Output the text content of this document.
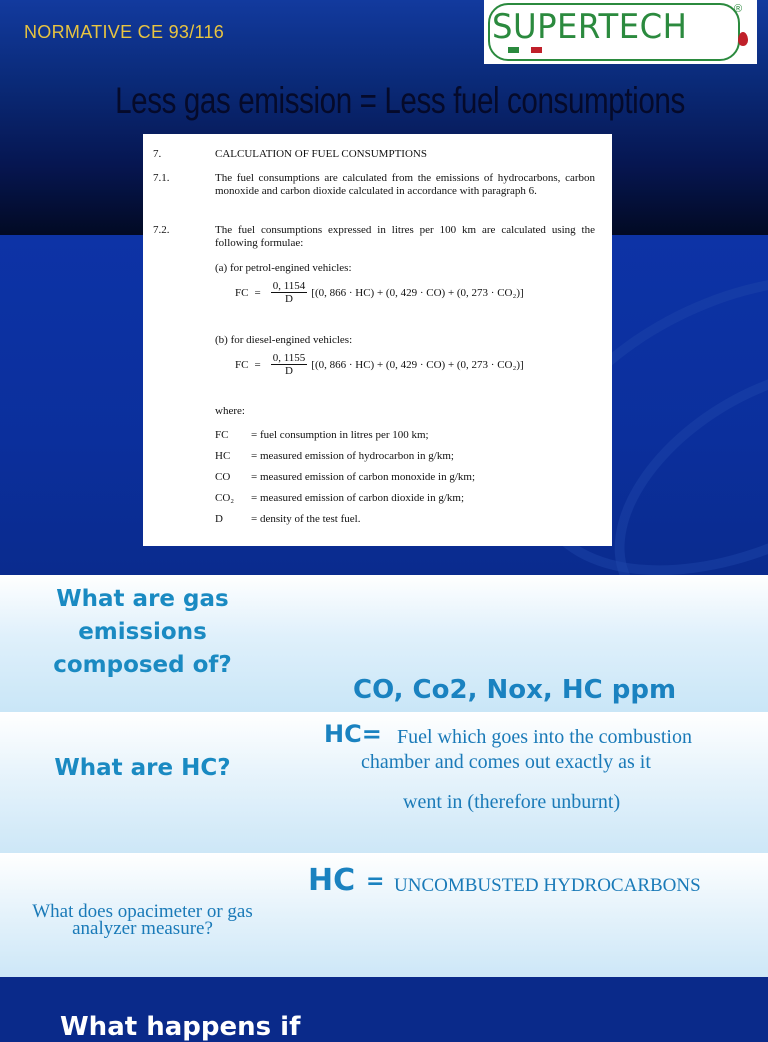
NORMATIVE CE 93/116	SUPERTECH	®
Less gas emission = Less fuel consumptions
7.	CALCULATION OF FUEL CONSUMPTIONS
7.1.	The fuel consumptions are calculated from the emissions of hydrocarbons, carbon monoxide and carbon dioxide calculated in accordance with paragraph 6.
7.2.	The fuel consumptions expressed in litres per 100 km are calculated using the following formulae:
(a) for petrol-engined vehicles:
FC = $\frac{0, 1154}{D} [(0$, 866 · HC) + (0, 429 · CO) + (0, 273 · CO₂)]
(b) for diesel-engined vehicles:
FC = $\frac{0, 1155}{D} [(0$, 866 · HC) + (0, 429 · CO) + (0, 273 · CO₂)]
where:
FC = fuel consumption in litres per 100 km;
HC = measured emission of hydrocarbon in g/km;
CO = measured emission of carbon monoxide in g/km;
CO₂ = measured emission of carbon dioxide in g/km;
D	= density of the test fuel.
What are gas emissions composed of?
CO, Co2, Nox, HC ppm
What are HC?
HC= Fuel which goes into the combustion
chamber and comes out exactly as it
went in (therefore unburnt)
What does opacimeter or gas analyzer measure?
HC = UNCOMBUSTED HYDROCARBONS
What happens if
